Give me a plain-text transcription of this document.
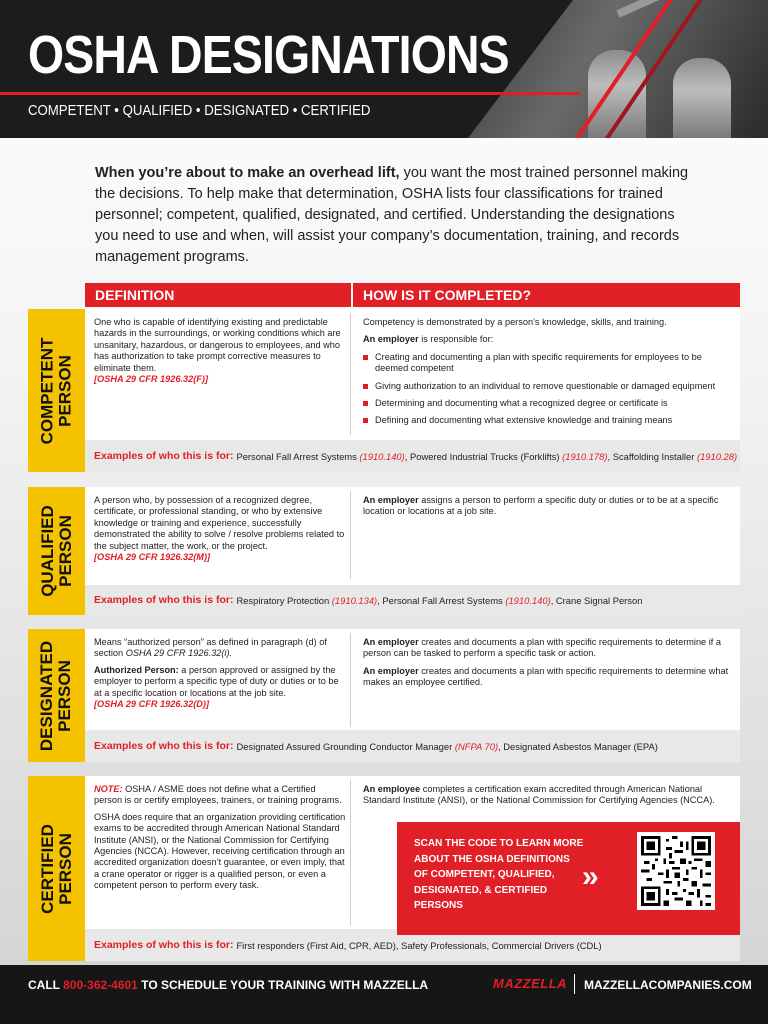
OSHA DESIGNATIONS
COMPETENT • QUALIFIED • DESIGNATED • CERTIFIED
When you’re about to make an overhead lift, you want the most trained personnel making the decisions. To help make that determination, OSHA lists four classifications for trained personnel; competent, qualified, designated, and certified. Understanding the designations you need to use and when, will assist your company’s documentation, training, and records management programs.
DEFINITION	HOW IS IT COMPLETED?
COMPETENT
PERSON
One who is capable of identifying existing and predictable hazards in the surroundings, or working conditions which are unsanitary, hazardous, or dangerous to employees, and who has authorization to take prompt corrective measures to eliminate them.
[OSHA 29 CFR 1926.32(F)]

Competency is demonstrated by a person’s knowledge, skills, and training.

An employer is responsible for:

Creating and documenting a plan with specific requirements for employees to be deemed competent
Giving authorization to an individual to remove questionable or damaged equipment
Determining and documenting what a recognized degree or certificate is
Defining and documenting what extensive knowledge and training means
Examples of who this is for: Personal Fall Arrest Systems
(1910.140) , Powered Industrial Trucks (Forklifts)
(1910.178) , Scaffolding Installer
(1910.28)
QUALIFIED
PERSON
A person who, by possession of a recognized degree, certificate, or professional standing, or who by extensive knowledge or training and experience, successfully demonstrated the ability to solve / resolve problems related to the subject matter, the work, or the project.
[OSHA 29 CFR 1926.32(M)]

An employer assigns a person to perform a specific duty or duties or to be at a specific location or locations at a job site.

Examples of who this is for: Respiratory Protection
(1910.134) , Personal Fall Arrest Systems
(1910.140) , Crane Signal Person
DESIGNATED
PERSON

Means “authorized person” as defined in paragraph (d) of section OSHA 29 CFR 1926.32(i).

Authorized Person: a person approved or assigned by the employer to perform a specific type of duty or duties or to be at a specific location or locations at the job site.

[OSHA 29 CFR 1926.32(D)]

An employer creates and documents a plan with specific requirements to determine if a person can be tasked to perform a specific task or action.

An employer creates and documents a plan with specific requirements to determine what makes an employee certified.

Examples of who this is for: Designated Assured Grounding Conductor Manager
(NFPA 70) , Designated Asbestos Manager (EPA)
CERTIFIED
PERSON

NOTE: OSHA / ASME does not define what a Certified person is or certify employees, trainers, or training programs.

OSHA does require that an organization providing certification exams to be accredited through American National Standard Institute (ANSI), or the National Commission for Certifying Agencies (NCCA). However, receiving certification through an accredited organization doesn’t guarantee, or even imply, that a crane operator or rigger is a qualified person, or even a competent person to perform every task.

An employee completes a certification exam accredited through American National Standard Institute (ANSI), or the National Commission for Certifying Agencies (NCCA).

Examples of who this is for: First responders (First Aid, CPR, AED), Safety Professionals, Commercial Drivers (CDL)
SCAN THE CODE TO LEARN MORE ABOUT THE OSHA DEFINITIONS OF COMPETENT, QUALIFIED, DESIGNATED, & CERTIFIED PERSONS
»
CALL 800-362-4601 TO SCHEDULE YOUR TRAINING WITH MAZZELLA	MAZZELLA MAZZELLACOMPANIES.COM
